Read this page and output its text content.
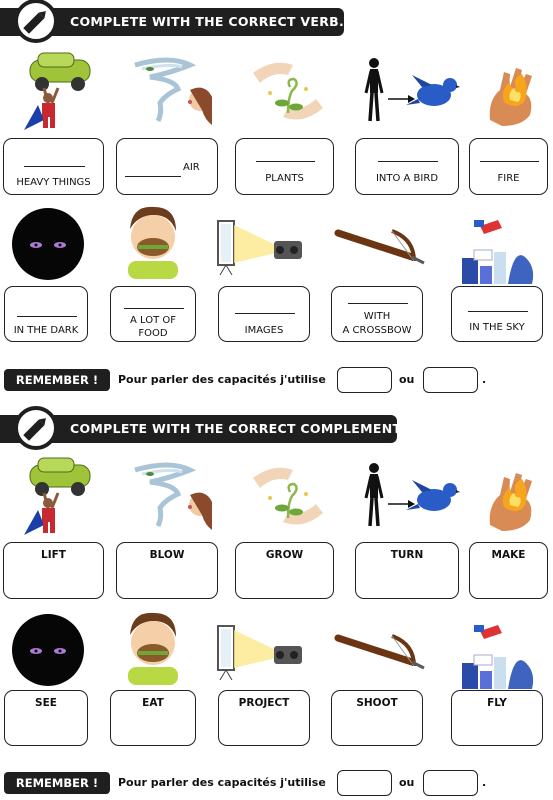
COMPLETE WITH THE CORRECT VERB.
HEAVY THINGS
AIR
PLANTS	INTO A BIRD	FIRE
IN THE DARK
A LOT OF
FOOD	IMAGES
WITH
A CROSSBOW	IN THE SKY
REMEMBER !	Pour parler des capacités j'utilise	ou	.
COMPLETE WITH THE CORRECT COMPLEMENT.
LIFT	BLOW	GROW	TURN	MAKE
SEE	EAT	PROJECT	SHOOT	FLY
REMEMBER !	Pour parler des capacités j'utilise	ou	.
